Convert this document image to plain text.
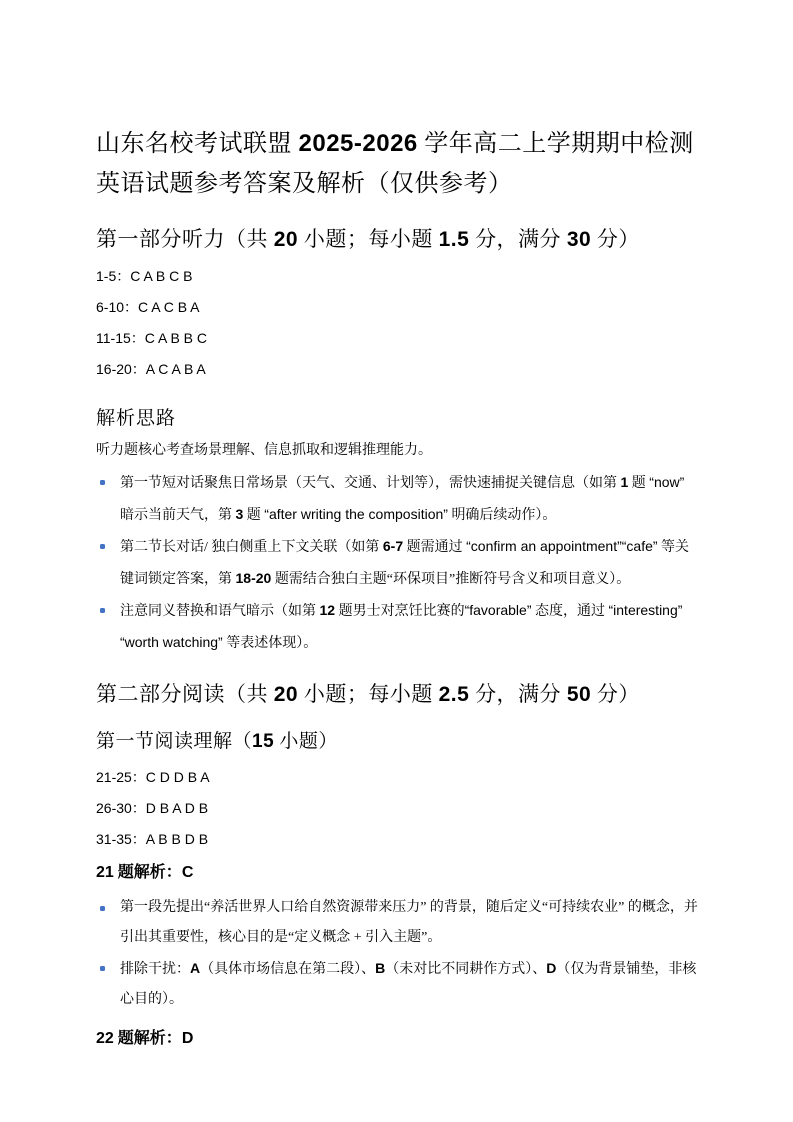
山东名校考试联盟 2025-2026 学年高二上学期期中检测英语试题参考答案及解析（仅供参考）
第一部分听力（共 20 小题；每小题 1.5 分，满分 30 分）

1-5：C A B C B

6-10：C A C B A

11-15：C A B B C

16-20：A C A B A

解析思路

听力题核心考查场景理解、信息抓取和逻辑推理能力。

第一节短对话聚焦日常场景（天气、交通、计划等），需快速捕捉关键信息（如第 1 题 “now” 暗示当前天气，第 3 题 “after writing the composition” 明确后续动作）。
第二节长对话/ 独白侧重上下文关联（如第 6-7 题需通过 “confirm an appointment”“cafe” 等关键词锁定答案，第 18-20 题需结合独白主题“环保项目”推断符号含义和项目意义）。
注意同义替换和语气暗示（如第 12 题男士对烹饪比赛的“favorable” 态度，通过 “interesting”“worth watching” 等表述体现）。
第二部分阅读（共 20 小题；每小题 2.5 分，满分 50 分）
第一节阅读理解（15 小题）

21-25：C D D B A

26-30：D B A D B

31-35：A B B D B

21 题解析：C
第一段先提出“养活世界人口给自然资源带来压力” 的背景，随后定义“可持续农业” 的概念，并引出其重要性，核心目的是“定义概念 + 引入主题”。
排除干扰：A（具体市场信息在第二段）、B（未对比不同耕作方式）、D（仅为背景铺垫，非核心目的）。
22 题解析：D
